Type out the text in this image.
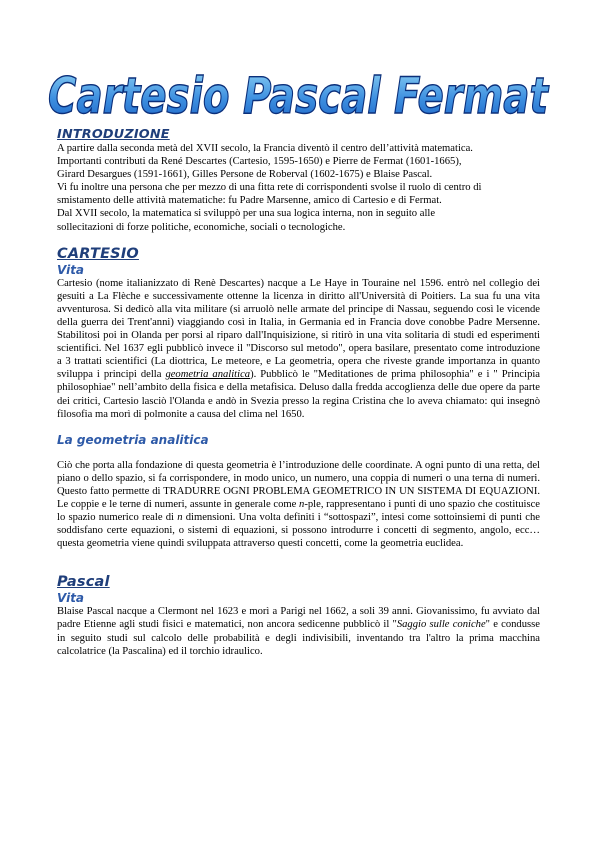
Cartesio Pascal Fermat
INTRODUZIONE
A partire dalla seconda metà del XVII secolo, la Francia diventò il centro dell’attività matematica.
Importanti contributi da René Descartes (Cartesio, 1595-1650) e Pierre de Fermat (1601-1665),
Girard Desargues (1591-1661), Gilles Persone de Roberval (1602-1675) e Blaise Pascal.
Vi fu inoltre una persona che per mezzo di una fitta rete di corrispondenti svolse il ruolo di centro di
smistamento delle attività matematiche: fu Padre Marsenne, amico di Cartesio e di Fermat.
Dal XVII secolo, la matematica si sviluppò per una sua logica interna, non in seguito alle
sollecitazioni di forze politiche, economiche, sociali o tecnologiche.
CARTESIO
Vita

Cartesio (nome italianizzato di Renè Descartes) nacque a Le Haye in Touraine nel 1596. entrò nel collegio dei gesuiti a La Flèche e successivamente ottenne la licenza in diritto all'Università di Poitiers. La sua fu una vita avventurosa. Si dedicò alla vita militare (si arruolò nelle armate del principe di Nassau, seguendo così le vicende della guerra dei Trent'anni) viaggiando così in Italia, in Germania ed in Francia dove conobbe Padre Mersenne. Stabilitosi poi in Olanda per porsi al riparo dall'Inquisizione, si ritirò in una vita solitaria di studi ed esperimenti scientifici. Nel 1637 egli pubblicò invece il "Discorso sul metodo", opera basilare, presentato come introduzione a 3 trattati scientifici (La diottrica, Le meteore, e La geometria, opera che riveste grande importanza in quanto sviluppa i principi della geometria analitica). Pubblicò le "Meditationes de prima philosophia" e i " Principia philosophiae" nell’ambito della fisica e della metafisica. Deluso dalla fredda accoglienza delle due opere da parte dei critici, Cartesio lasciò l'Olanda e andò in Svezia presso la regina Cristina che lo aveva chiamato: qui insegnò filosofia ma morì di polmonite a causa del clima nel 1650.

La geometria analitica

Ciò che porta alla fondazione di questa geometria è l’introduzione delle coordinate. A ogni punto di una retta, del piano o dello spazio, si fa corrispondere, in modo unico, un numero, una coppia di numeri o una terna di numeri. Questo fatto permette di TRADURRE OGNI PROBLEMA GEOMETRICO IN UN SISTEMA DI EQUAZIONI. Le coppie e le terne di numeri, assunte in generale come n-ple, rappresentano i punti di uno spazio che costituisce lo spazio numerico reale di n dimensioni. Una volta definiti i “sottospazi”, intesi come sottoinsiemi di punti che soddisfano certe equazioni, o sistemi di equazioni, si possono introdurre i concetti di segmento, angolo, ecc…questa geometria viene quindi sviluppata attraverso questi concetti, come la geometria euclidea.

Pascal
Vita

Blaise Pascal nacque a Clermont nel 1623 e morì a Parigi nel 1662, a soli 39 anni. Giovanissimo, fu avviato dal padre Etienne agli studi fisici e matematici, non ancora sedicenne pubblicò il "Saggio sulle coniche" e condusse in seguito studi sul calcolo delle probabilità e degli indivisibili, inventando tra l'altro la prima macchina calcolatrice (la Pascalina) ed il torchio idraulico.
